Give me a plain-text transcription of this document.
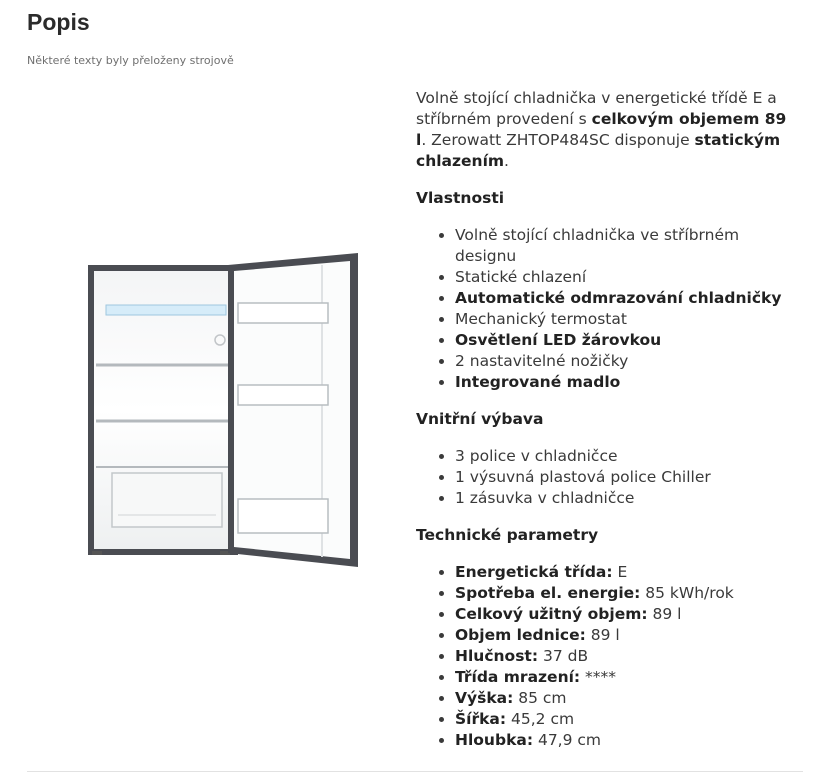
Popis
Některé texty byly přeloženy strojově

Volně stojící chladnička v energetické třídě E a stříbrném provedení s celkovým objemem 89 l. Zerowatt ZHTOP484SC disponuje statickým chlazením.

Vlastnosti

• Volně stojící chladnička ve stříbrném designu
• Statické chlazení
• Automatické odmrazování chladničky
• Mechanický termostat
• Osvětlení LED žárovkou
• 2 nastavitelné nožičky
• Integrované madlo

Vnitřní výbava

• 3 police v chladničce
• 1 výsuvná plastová police Chiller
• 1 zásuvka v chladničce

Technické parametry

• Energetická třída: E
• Spotřeba el. energie: 85 kWh/rok
• Celkový užitný objem: 89 l
• Objem lednice: 89 l
• Hlučnost: 37 dB
• Třída mrazení: ****
• Výška: 85 cm
• Šířka: 45,2 cm
• Hloubka: 47,9 cm
